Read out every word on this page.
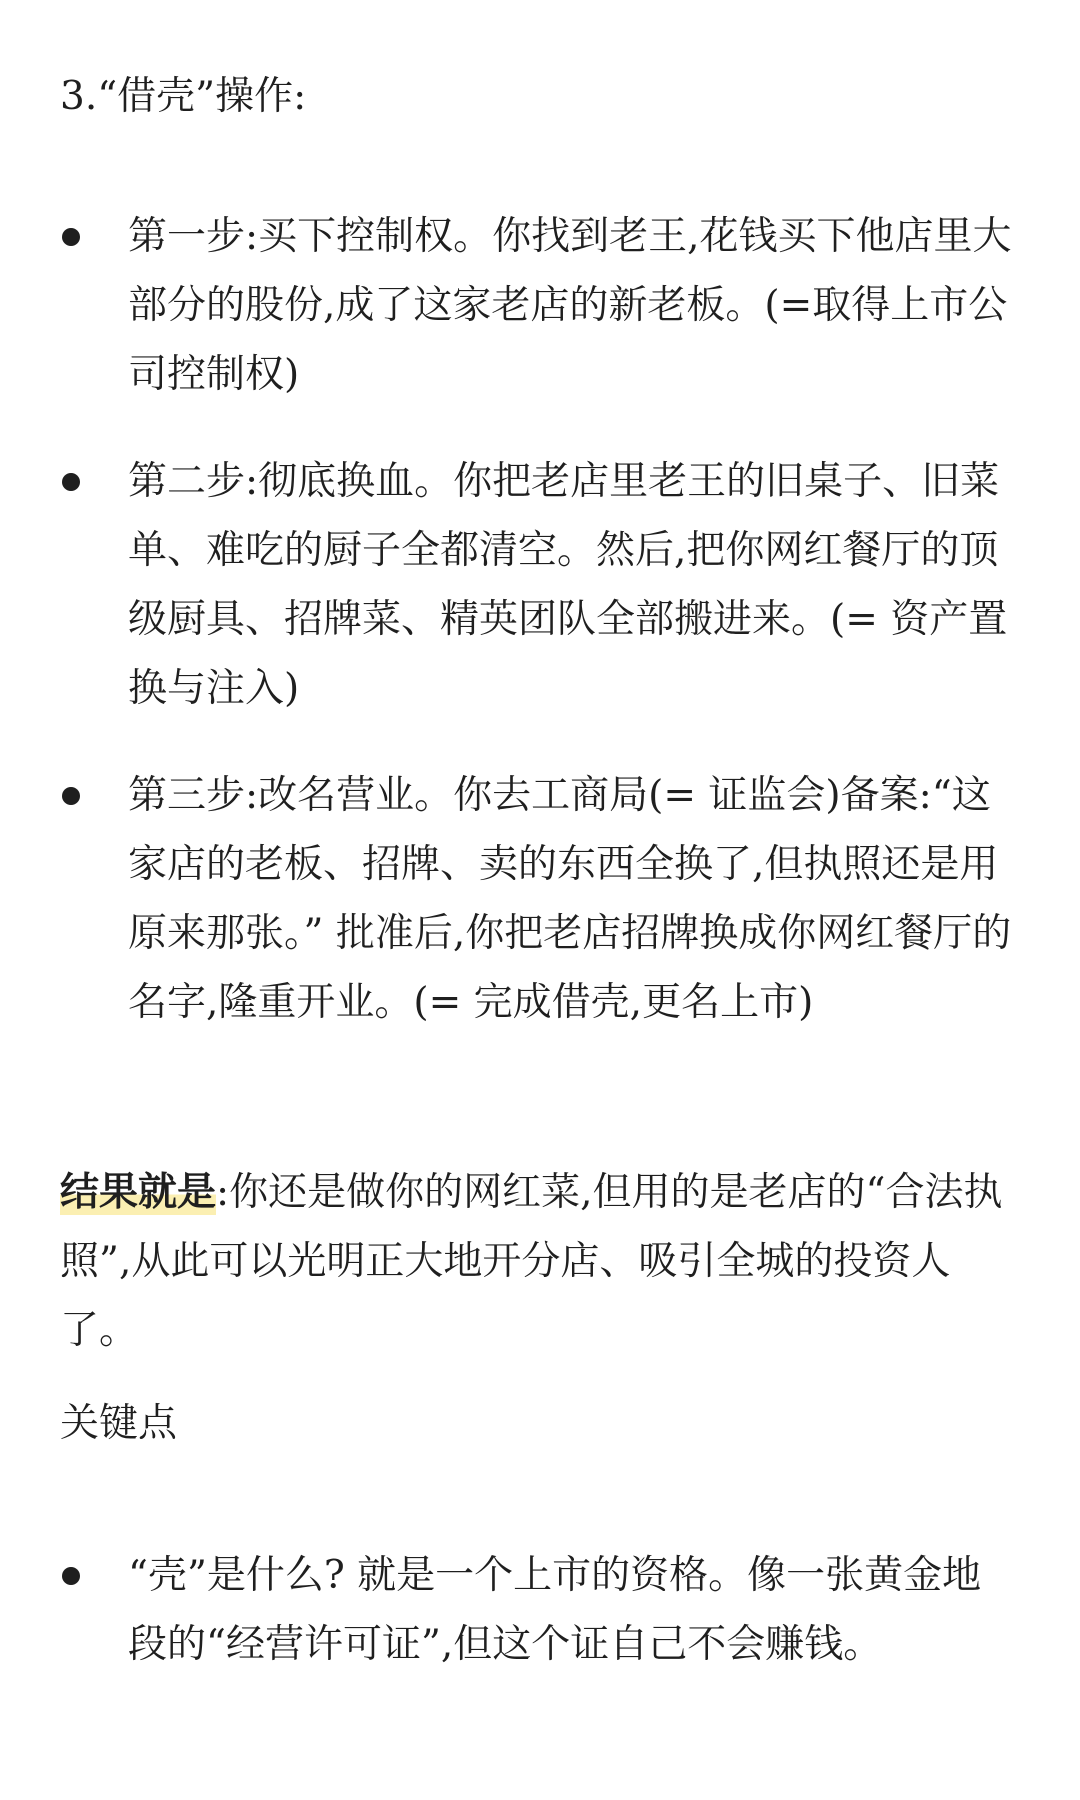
3.“借壳”操作:

第一步:买下控制权。你找到老王,花钱买下他店里大部分的股份,成了这家老店的新老板。(=取得上市公司控制权)
第二步:彻底换血。你把老店里老王的旧桌子、旧菜单、难吃的厨子全都清空。然后,把你网红餐厅的顶级厨具、招牌菜、精英团队全部搬进来。(= 资产置换与注入)
第三步:改名营业。你去工商局(= 证监会)备案:“这家店的老板、招牌、卖的东西全换了,但执照还是用原来那张。” 批准后,你把老店招牌换成你网红餐厅的名字,隆重开业。(= 完成借壳,更名上市)

结果就是:你还是做你的网红菜,但用的是老店的“合法执照”,从此可以光明正大地开分店、吸引全城的投资人了。

关键点

“壳”是什么? 就是一个上市的资格。像一张黄金地段的“经营许可证”,但这个证自己不会赚钱。
